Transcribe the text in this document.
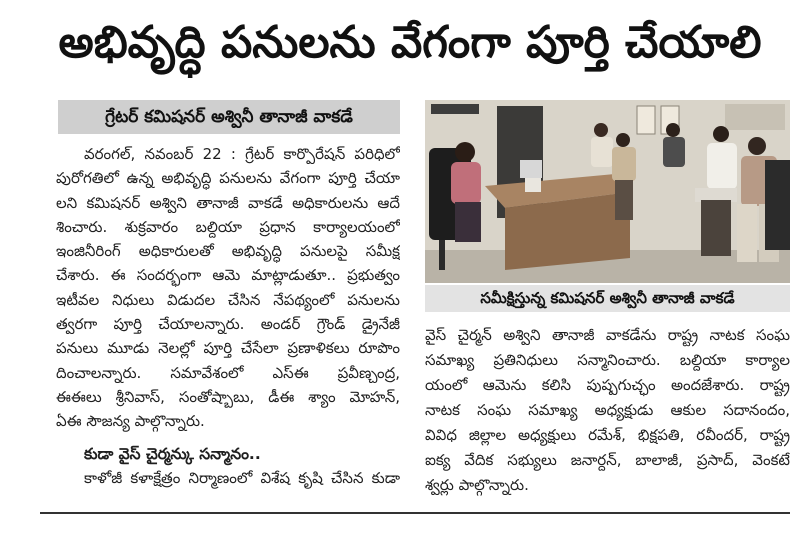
అభివృద్ధి పనులను వేగంగా పూర్తి చేయాలి
గ్రేటర్ కమిషనర్ అశ్వినీ తానాజీ వాకడే
వరంగల్, నవంబర్ 22 : గ్రేటర్ కార్పొరేషన్ పరిధిలో
పురోగతిలో ఉన్న అభివృద్ధి పనులను వేగంగా పూర్తి చేయా
లని కమిషనర్ అశ్విని తానాజీ వాకడే అధికారులను ఆదే
శించారు. శుక్రవారం బల్దియా ప్రధాన కార్యాలయంలో
ఇంజినీరింగ్ అధికారులతో అభివృద్ధి పనులపై సమీక్ష
చేశారు. ఈ సందర్భంగా ఆమె మాట్లాడుతూ.. ప్రభుత్వం
ఇటీవల నిధులు విడుదల చేసిన నేపథ్యంలో పనులను
త్వరగా పూర్తి చేయాలన్నారు. అండర్ గ్రౌండ్ డ్రైనేజీ
పనులు మూడు నెలల్లో పూర్తి చేసేలా ప్రణాళికలు రూపొం
దించాలన్నారు. సమావేశంలో ఎస్ఈ ప్రవీణ్చంద్ర,
ఈఈలు శ్రీనివాస్, సంతోష్బాబు, డీఈ శ్యాం మోహన్,
ఏఈ సౌజన్య పాల్గొన్నారు.
కుడా వైస్ చైర్మన్కు సన్మానం..
కాళోజీ కళాక్షేత్రం నిర్మాణంలో విశేష కృషి చేసిన కుడా
సమీక్షిస్తున్న కమిషనర్ అశ్వినీ తానాజీ వాకడే
వైస్ చైర్మన్ అశ్విని తానాజీ వాకడేను రాష్ట్ర నాటక సంఘ
సమాఖ్య ప్రతినిధులు సన్మానించారు. బల్దియా కార్యాల
యంలో ఆమెను కలిసి పుష్పగుచ్ఛం అందజేశారు. రాష్ట్ర
నాటక సంఘ సమాఖ్య అధ్యక్షుడు ఆకుల సదానందం,
వివిధ జిల్లాల అధ్యక్షులు రమేశ్, భిక్షపతి, రవీందర్, రాష్ట్ర
ఐక్య వేదిక సభ్యులు జనార్దన్, బాలాజీ, ప్రసాద్, వెంకటే
శ్వర్లు పాల్గొన్నారు.
